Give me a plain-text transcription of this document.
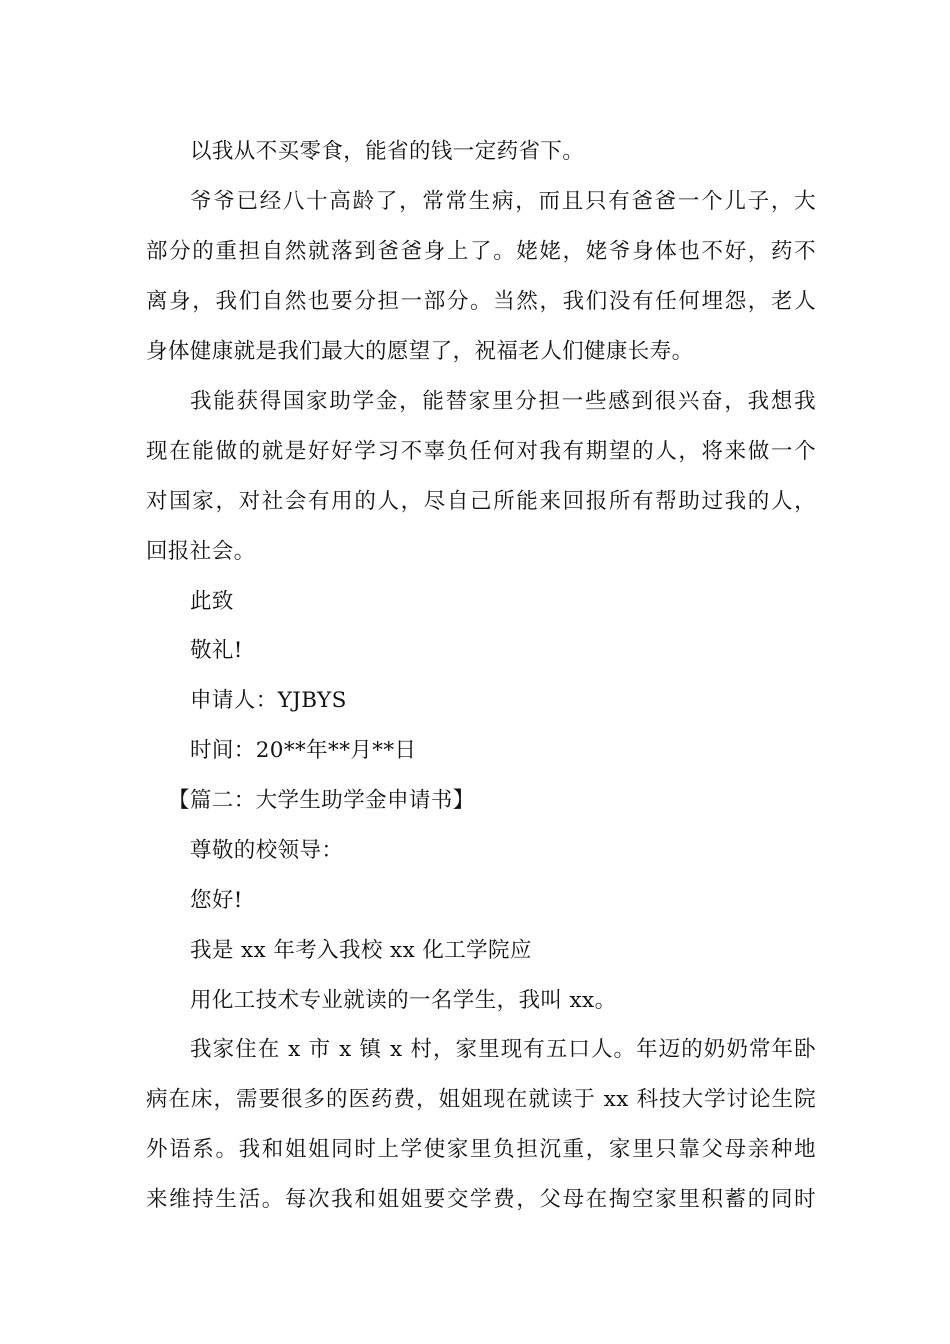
以我从不买零食，能省的钱一定药省下。
爷爷已经八十高龄了，常常生病，而且只有爸爸一个儿子，大
部分的重担自然就落到爸爸身上了。姥姥，姥爷身体也不好，药不
离身，我们自然也要分担一部分。当然，我们没有任何埋怨，老人
身体健康就是我们最大的愿望了，祝福老人们健康长寿。
我能获得国家助学金，能替家里分担一些感到很兴奋，我想我
现在能做的就是好好学习不辜负任何对我有期望的人，将来做一个
对国家，对社会有用的人，尽自己所能来回报所有帮助过我的人，
回报社会。
此致
敬礼!
申请人：YJBYS
时间：20**年**月**日
【篇二：大学生助学金申请书】
尊敬的校领导：
您好!
我是 xx 年考入我校 xx 化工学院应
用化工技术专业就读的一名学生，我叫 xx。
我家住在 x 市 x 镇 x 村，家里现有五口人。年迈的奶奶常年卧
病在床，需要很多的医药费，姐姐现在就读于 xx 科技大学讨论生院
外语系。我和姐姐同时上学使家里负担沉重，家里只靠父母亲种地
来维持生活。每次我和姐姐要交学费，父母在掏空家里积蓄的同时
